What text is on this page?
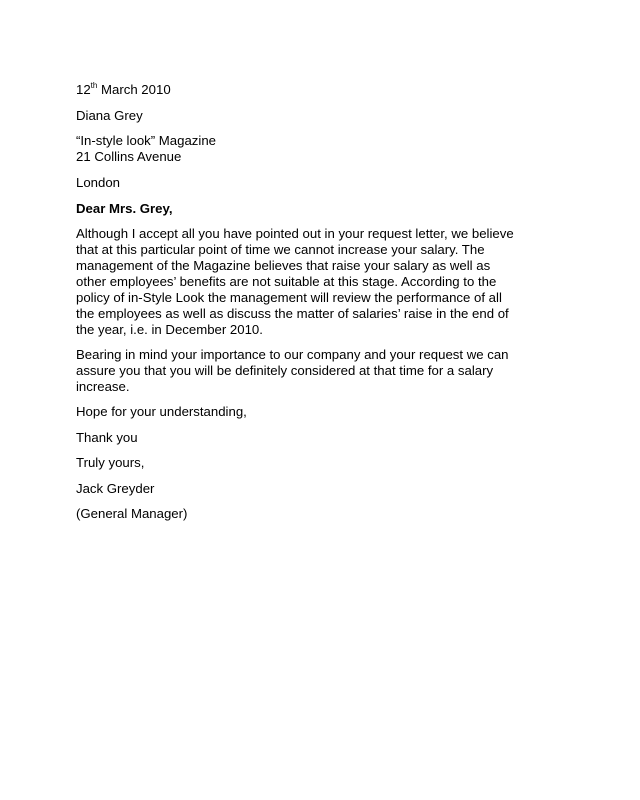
12th March 2010
Diana Grey
“In-style look” Magazine
21 Collins Avenue
London
Dear Mrs. Grey,
Although I accept all you have pointed out in your request letter, we believe
that at this particular point of time we cannot increase your salary. The
management of the Magazine believes that raise your salary as well as
other employees’ benefits are not suitable at this stage. According to the
policy of in-Style Look the management will review the performance of all
the employees as well as discuss the matter of salaries’ raise in the end of
the year, i.e. in December 2010.
Bearing in mind your importance to our company and your request we can
assure you that you will be definitely considered at that time for a salary
increase.
Hope for your understanding,
Thank you
Truly yours,
Jack Greyder
(General Manager)
